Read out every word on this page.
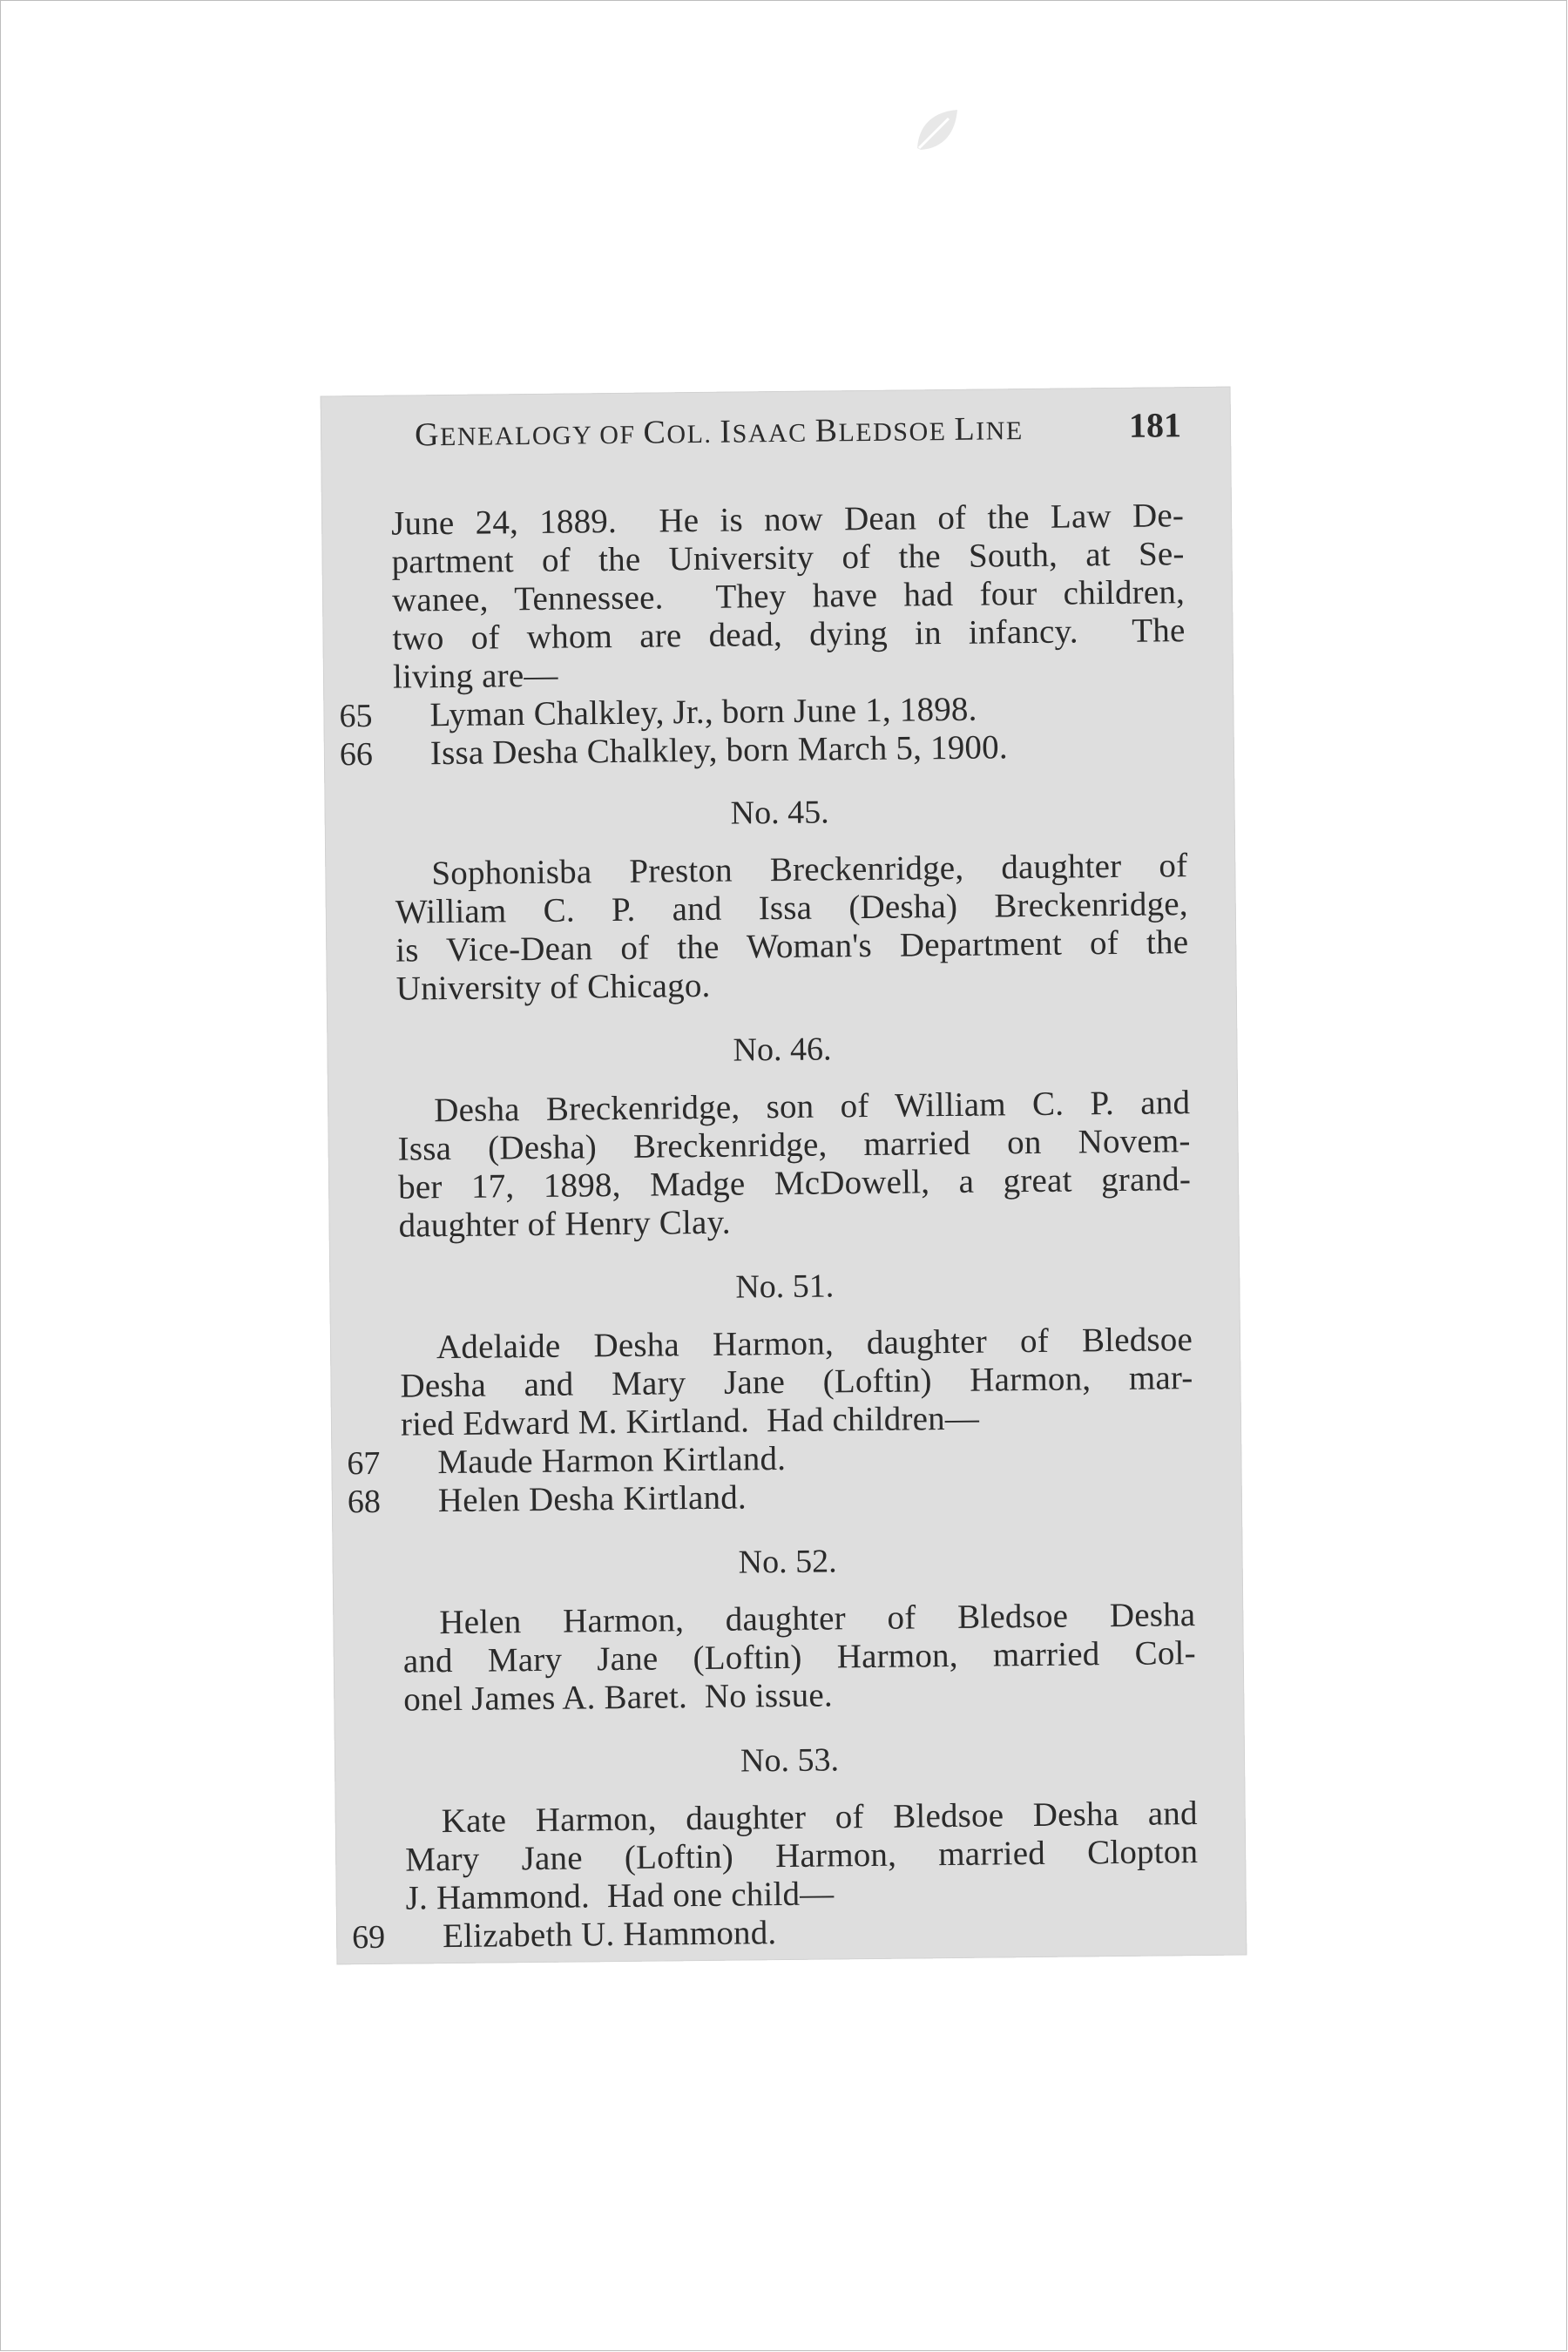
GENEALOGY OF COL. ISAAC BLEDSOE LINE	181
June 24, 1889.  He is now Dean of the Law De-
partment of the University of the South, at Se-
wanee, Tennessee.  They have had four children,
two of whom are dead, dying in infancy.  The
living are—
65 Lyman Chalkley, Jr., born June 1, 1898.
66 Issa Desha Chalkley, born March 5, 1900.
No. 45.
Sophonisba Preston Breckenridge, daughter of
William C. P. and Issa (Desha) Breckenridge,
is Vice-Dean of the Woman's Department of the
University of Chicago.
No. 46.
Desha Breckenridge, son of William C. P. and
Issa (Desha) Breckenridge, married on Novem-
ber 17, 1898, Madge McDowell, a great grand-
daughter of Henry Clay.
No. 51.
Adelaide Desha Harmon, daughter of Bledsoe
Desha and Mary Jane (Loftin) Harmon, mar-
ried Edward M. Kirtland.  Had children—
67 Maude Harmon Kirtland.
68 Helen Desha Kirtland.
No. 52.
Helen Harmon, daughter of Bledsoe Desha
and Mary Jane (Loftin) Harmon, married Col-
onel James A. Baret.  No issue.
No. 53.
Kate Harmon, daughter of Bledsoe Desha and
Mary Jane (Loftin) Harmon, married Clopton
J. Hammond.  Had one child—
69 Elizabeth U. Hammond.
